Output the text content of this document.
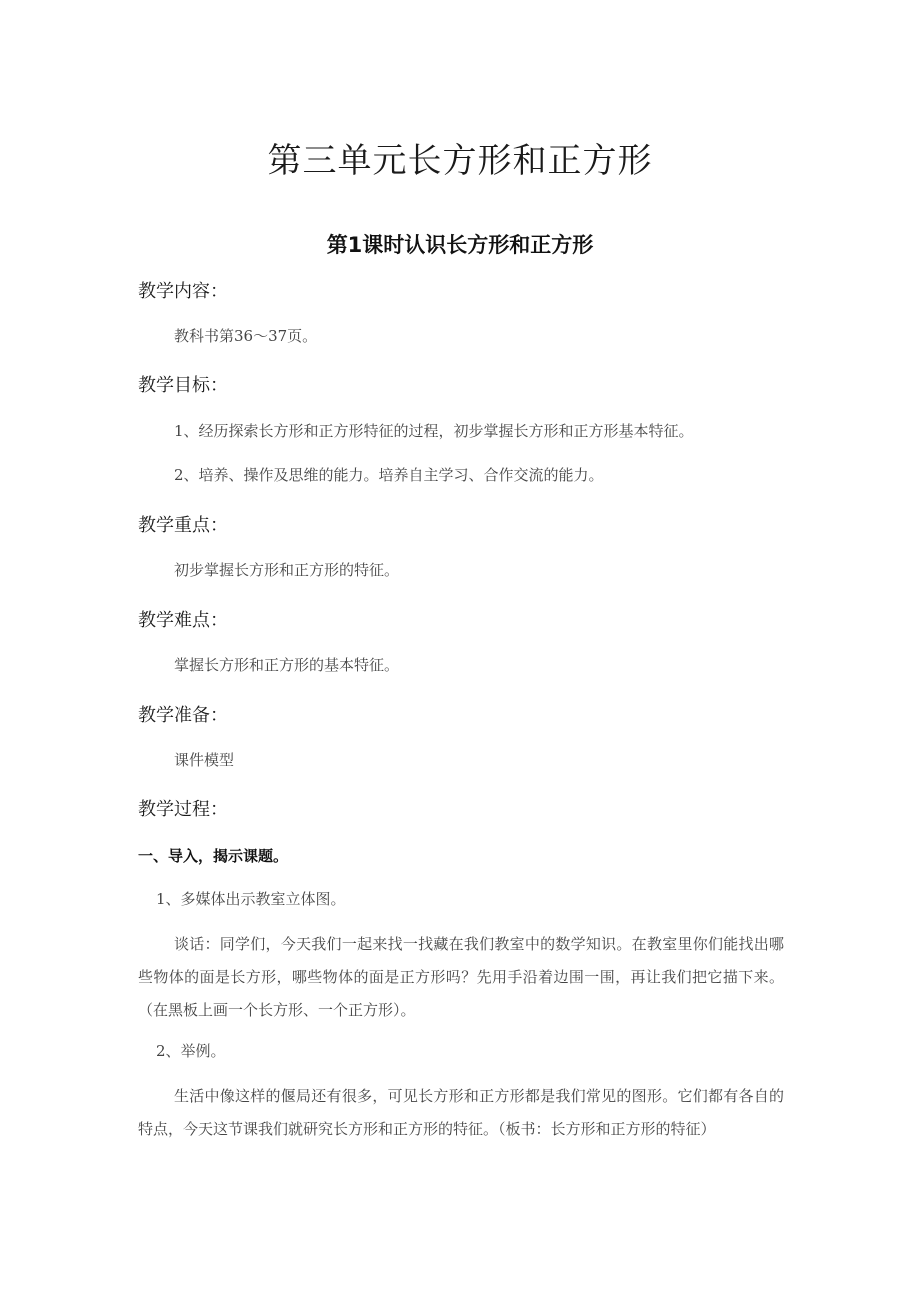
第三单元长方形和正方形
第1课时认识长方形和正方形
教学内容：
教科书第36〜37页。
教学目标：
1、经历探索长方形和正方形特征的过程，初步掌握长方形和正方形基本特征。
2、培养、操作及思维的能力。培养自主学习、合作交流的能力。
教学重点：
初步掌握长方形和正方形的特征。
教学难点：
掌握长方形和正方形的基本特征。
教学准备：
课件模型
教学过程：
一、导入，揭示课题。
1、多媒体出示教室立体图。
谈话：同学们，今天我们一起来找一找藏在我们教室中的数学知识。在教室里你们能找出哪些物体的面是长方形，哪些物体的面是正方形吗？先用手沿着边围一围，再让我们把它描下来。（在黑板上画一个长方形、一个正方形）。
2、举例。
生活中像这样的偃局还有很多，可见长方形和正方形都是我们常见的图形。它们都有各自的特点，今天这节课我们就研究长方形和正方形的特征。（板书：长方形和正方形的特征）
